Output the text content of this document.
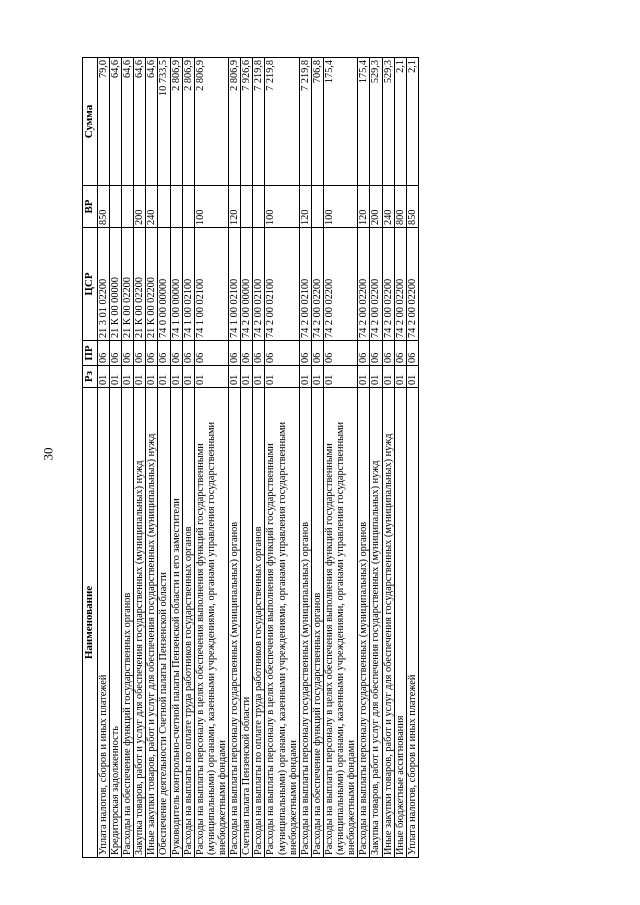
30
Наименование	Рз	ПР	ЦСР	ВР	Сумма
Уплата налогов, сборов и иных платежей	01	06	21 3 01 02200	850	79,0
Кредиторская задолженность	01	06	21 К 00 00000		64,6
Расходы на обеспечение функций государственных органов	01	06	21 К 00 02200		64,6
Закупка товаров, работ и услуг для обеспечения государственных (муниципальных) нужд	01	06	21 К 00 02200	200	64,6
Иные закупки товаров, работ и услуг для обеспечения государственных (муниципальных) нужд	01	06	21 К 00 02200	240	64,6
Обеспечение деятельности Счетной палаты Пензенской области	01	06	74 0 00 00000		10 733,5
Руководитель контрольно-счетной палаты Пензенской области и его заместители	01	06	74 1 00 00000		2 806,9
Расходы на выплаты по оплате труда работников государственных органов	01	06	74 1 00 02100		2 806,9
Расходы на выплаты персоналу в целях обеспечения выполнения функций государственными (муниципальными) органами, казенными учреждениями, органами управления государственными внебюджетными фондами	01	06	74 1 00 02100	100	2 806,9
Расходы на выплаты персоналу государственных (муниципальных) органов	01	06	74 1 00 02100	120	2 806,9
Счетная палата Пензенской области	01	06	74 2 00 00000		7 926,6
Расходы на выплаты по оплате труда работников государственных органов	01	06	74 2 00 02100		7 219,8
Расходы на выплаты персоналу в целях обеспечения выполнения функций государственными (муниципальными) органами, казенными учреждениями, органами управления государственными внебюджетными фондами	01	06	74 2 00 02100	100	7 219,8
Расходы на выплаты персоналу государственных (муниципальных) органов	01	06	74 2 00 02100	120	7 219,8
Расходы на обеспечение функций государственных органов	01	06	74 2 00 02200		706,8
Расходы на выплаты персоналу в целях обеспечения выполнения функций государственными (муниципальными) органами, казенными учреждениями, органами управления государственными внебюджетными фондами	01	06	74 2 00 02200	100	175,4
Расходы на выплаты персоналу государственных (муниципальных) органов	01	06	74 2 00 02200	120	175,4
Закупка товаров, работ и услуг для обеспечения государственных (муниципальных) нужд	01	06	74 2 00 02200	200	529,3
Иные закупки товаров, работ и услуг для обеспечения государственных (муниципальных) нужд	01	06	74 2 00 02200	240	529,3
Иные бюджетные ассигнования	01	06	74 2 00 02200	800	2,1
Уплата налогов, сборов и иных платежей	01	06	74 2 00 02200	850	2,1
